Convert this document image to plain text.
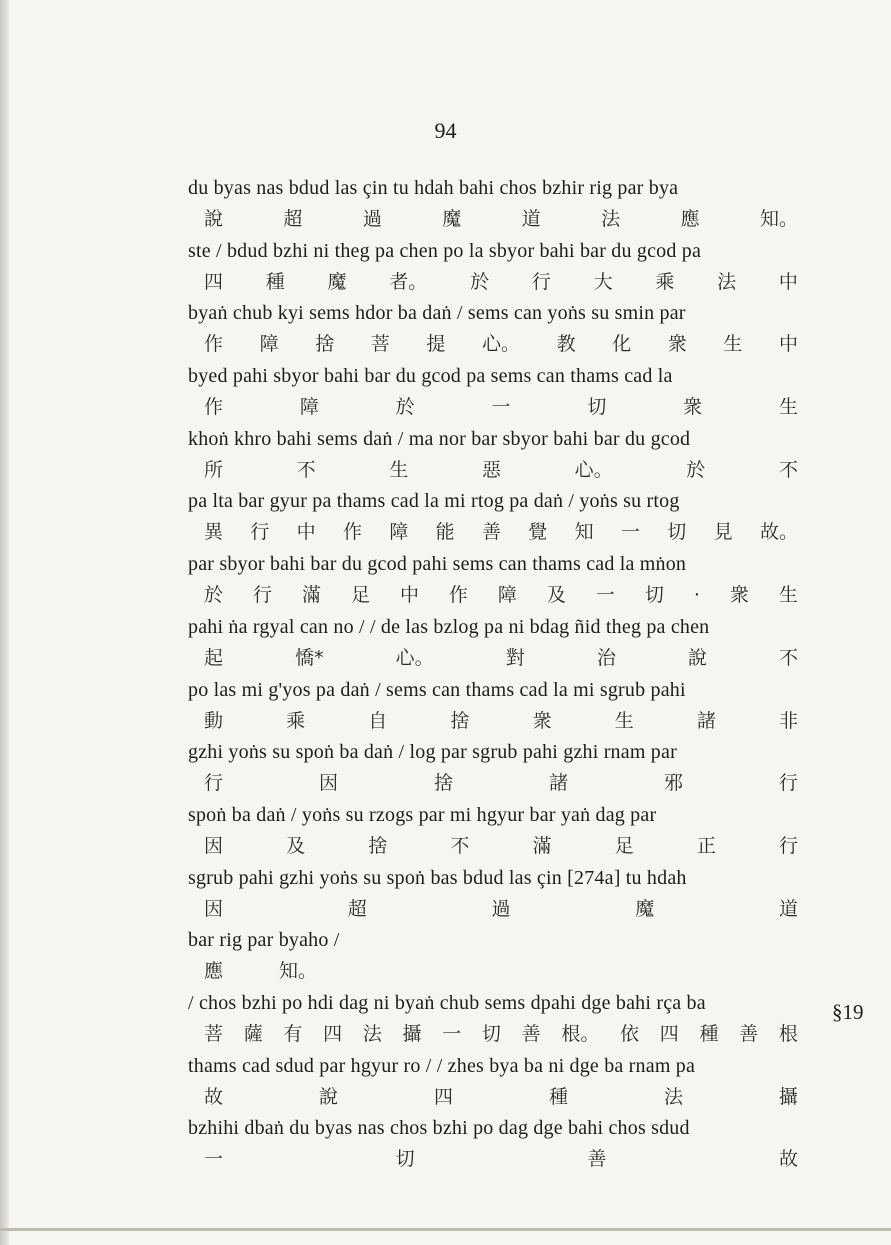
94
§19
du byas nas bdud las çin tu hdah bahi chos bzhir rig par bya
說	超	過	魔	道	法	應	知。
ste / bdud bzhi ni theg pa chen po la sbyor bahi bar du gcod pa
四 種 魔 者。 於 行 大 乘 法 中
byaṅ chub kyi sems hdor ba daṅ / sems can yoṅs su smin par
作 障 捨 菩 提 心。 教 化 衆 生 中
byed pahi sbyor bahi bar du gcod pa sems can thams cad la
作	障	於	一	切	衆	生
khoṅ khro bahi sems daṅ / ma nor bar sbyor bahi bar du gcod
所	不	生	惡	心。	於	不
pa lta bar gyur pa thams cad la mi rtog pa daṅ / yoṅs su rtog
異 行 中 作 障 能 善 覺 知 一 切 見 故。
par sbyor bahi bar du gcod pahi sems can thams cad la mṅon
於 行 滿 足 中 作 障 及 一 切 · 衆 生
pahi ṅa rgyal can no / / de las bzlog pa ni bdag ñid theg pa chen
起	憍*	心。	對	治	說	不
po las mi g'yos pa daṅ / sems can thams cad la mi sgrub pahi
動	乘	自	捨	衆	生	諸	非
gzhi yoṅs su spoṅ ba daṅ / log par sgrub pahi gzhi rnam par
行	因	捨	諸	邪	行
spoṅ ba daṅ / yoṅs su rzogs par mi hgyur bar yaṅ dag par
因	及	捨	不	滿	足	正	行
sgrub pahi gzhi yoṅs su spoṅ bas bdud las çin [274a] tu hdah
因	超	過	魔	道
bar rig par byaho /
應	知。
/ chos bzhi po hdi dag ni byaṅ chub sems dpahi dge bahi rça ba
菩 薩 有 四 法 攝 一 切 善 根。 依 四 種 善 根
thams cad sdud par hgyur ro / / zhes bya ba ni dge ba rnam pa
故	說	四	種	法	攝
bzhihi dbaṅ du byas nas chos bzhi po dag dge bahi chos sdud
一	切	善	故
